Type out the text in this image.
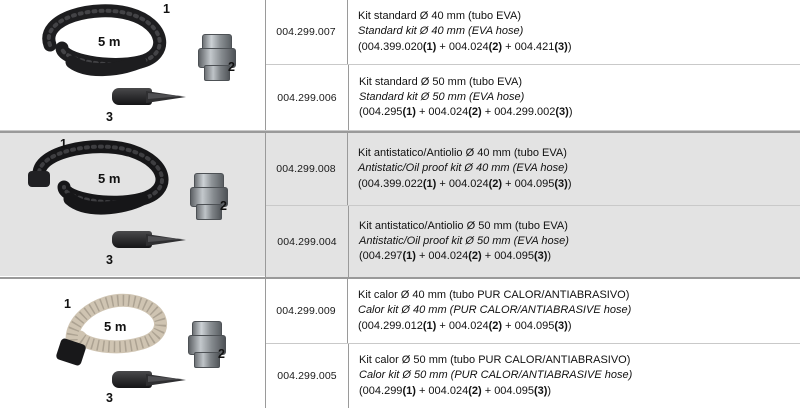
5 m
1
2
3
004.299.007
Kit standard Ø 40 mm (tubo EVA)
Standard kit Ø 40 mm (EVA hose)
(004.399.020(1) + 004.024(2) + 004.421(3))
004.299.006
Kit standard Ø 50 mm (tubo EVA)
Standard kit Ø 50 mm (EVA hose)
(004.295(1) + 004.024(2) + 004.299.002(3))
5 m
1
2
3
004.299.008
Kit antistatico/Antiolio Ø 40 mm (tubo EVA)
Antistatic/Oil proof kit Ø 40 mm (EVA hose)
(004.399.022(1) + 004.024(2) + 004.095(3))
004.299.004
Kit antistatico/Antiolio Ø 50 mm (tubo EVA)
Antistatic/Oil proof kit Ø 50 mm (EVA hose)
(004.297(1) + 004.024(2) + 004.095(3))
5 m
1
2
3
004.299.009
Kit calor Ø 40 mm (tubo PUR CALOR/ANTIABRASIVO)
Calor kit Ø 40 mm (PUR CALOR/ANTIABRASIVE hose)
(004.299.012(1) + 004.024(2) + 004.095(3))
004.299.005
Kit calor Ø 50 mm (tubo PUR CALOR/ANTIABRASIVO)
Calor kit Ø 50 mm (PUR CALOR/ANTIABRASIVE hose)
(004.299(1) + 004.024(2) + 004.095(3))
